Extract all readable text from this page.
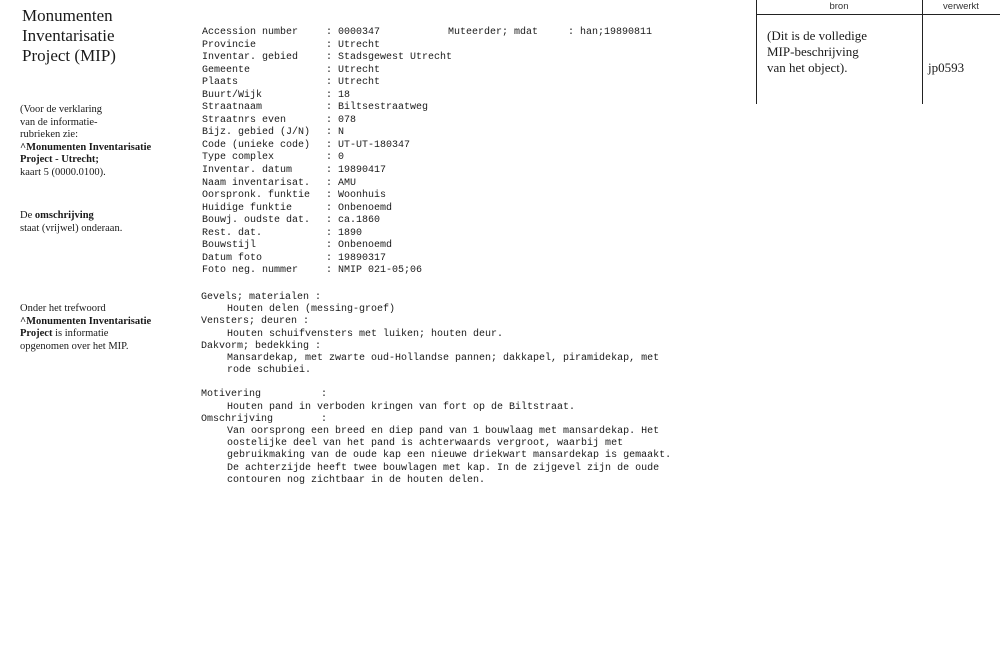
Monumenten
Inventarisatie
Project (MIP)
(Voor de verklaring
van de informatie-
rubrieken zie:
^Monumenten Inventarisatie
Project - Utrecht;
kaart 5 (0000.0100).
De omschrijving
staat (vrijwel) onderaan.
Onder het trefwoord
^Monumenten Inventarisatie
Project is informatie
opgenomen over het MIP.
Accession number	: 0000347
Provincie	: Utrecht
Inventar. gebied	: Stadsgewest Utrecht
Gemeente	: Utrecht
Plaats	: Utrecht
Buurt/Wijk	: 18
Straatnaam	: Biltsestraatweg
Straatnrs even	: 078
Bijz. gebied (J/N)	: N
Code (unieke code)	: UT-UT-180347
Type complex	: 0
Inventar. datum	: 19890417
Naam inventarisat.	: AMU
Oorspronk. funktie	: Woonhuis
Huidige funktie	: Onbenoemd
Bouwj. oudste dat.	: ca.1860
Rest. dat.	: 1890
Bouwstijl	: Onbenoemd
Datum foto	: 19890317
Foto neg. nummer	: NMIP 021-05;06
Muteerder; mdat	: han;19890811
Gevels; materialen :
Houten delen (messing-groef)
Vensters; deuren :
Houten schuifvensters met luiken; houten deur.
Dakvorm; bedekking :
Mansardekap, met zwarte oud-Hollandse pannen; dakkapel, piramidekap, met
rode schubiei.
Motivering          :
Houten pand in verboden kringen van fort op de Biltstraat.
Omschrijving        :
Van oorsprong een breed en diep pand van 1 bouwlaag met mansardekap. Het
oostelijke deel van het pand is achterwaards vergroot, waarbij met
gebruikmaking van de oude kap een nieuwe driekwart mansardekap is gemaakt.
De achterzijde heeft twee bouwlagen met kap. In de zijgevel zijn de oude
contouren nog zichtbaar in de houten delen.
bron	verwerkt
(Dit is de volledige
MIP-beschrijving
van het object).	jp0593
